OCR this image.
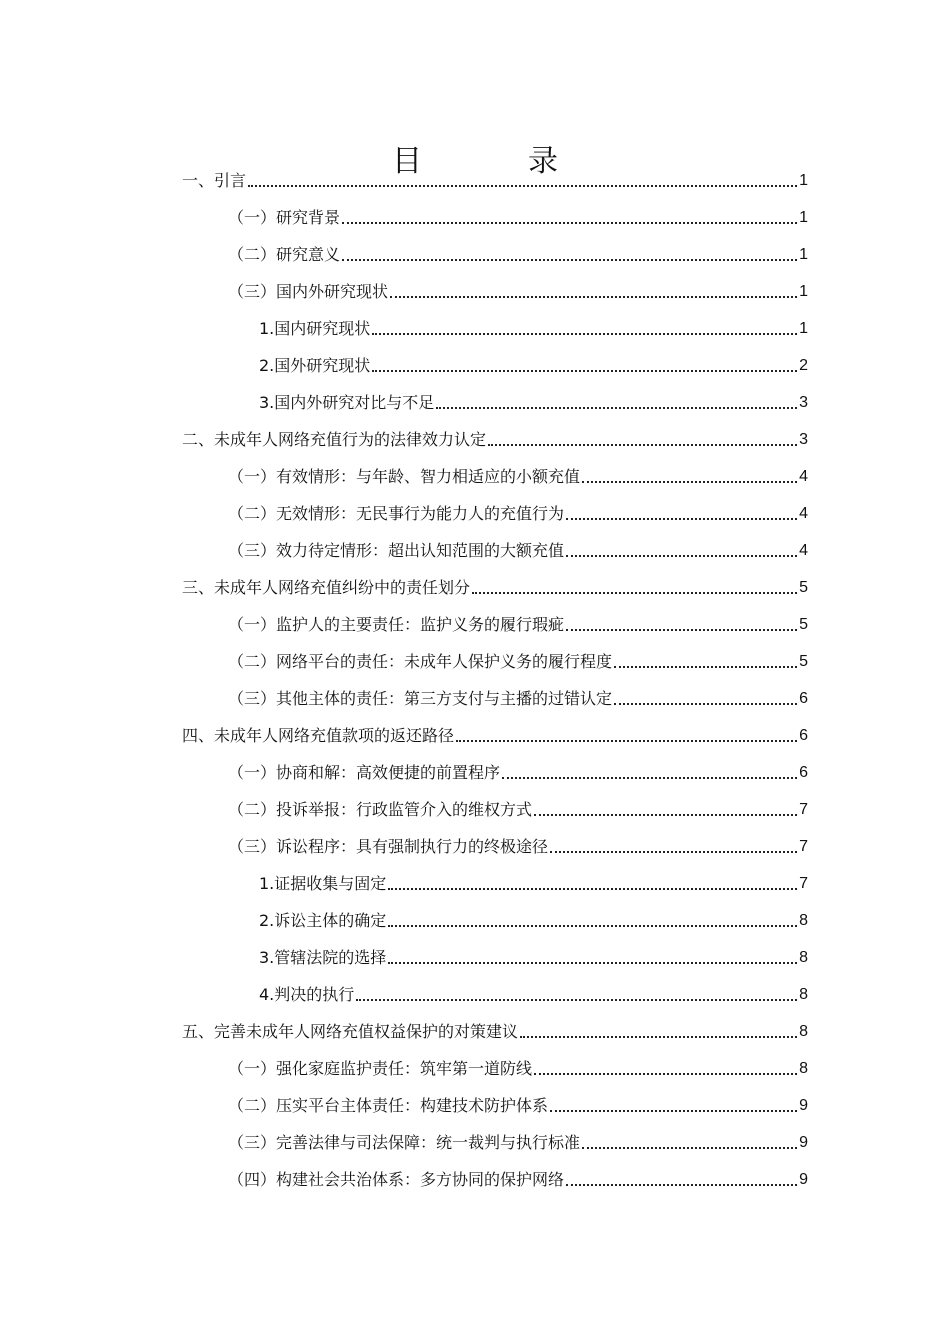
目　录
一、引言	1
（一）研究背景	1
（二）研究意义	1
（三）国内外研究现状	1
1.国内研究现状	1
2.国外研究现状	2
3.国内外研究对比与不足	3
二、未成年人网络充值行为的法律效力认定	3
（一）有效情形：与年龄、智力相适应的小额充值	4
（二）无效情形：无民事行为能力人的充值行为	4
（三）效力待定情形：超出认知范围的大额充值	4
三、未成年人网络充值纠纷中的责任划分	5
（一）监护人的主要责任：监护义务的履行瑕疵	5
（二）网络平台的责任：未成年人保护义务的履行程度	5
（三）其他主体的责任：第三方支付与主播的过错认定	6
四、未成年人网络充值款项的返还路径	6
（一）协商和解：高效便捷的前置程序	6
（二）投诉举报：行政监管介入的维权方式	7
（三）诉讼程序：具有强制执行力的终极途径	7
1.证据收集与固定	7
2.诉讼主体的确定	8
3.管辖法院的选择	8
4.判决的执行	8
五、完善未成年人网络充值权益保护的对策建议	8
（一）强化家庭监护责任：筑牢第一道防线	8
（二）压实平台主体责任：构建技术防护体系	9
（三）完善法律与司法保障：统一裁判与执行标准	9
（四）构建社会共治体系：多方协同的保护网络	9
